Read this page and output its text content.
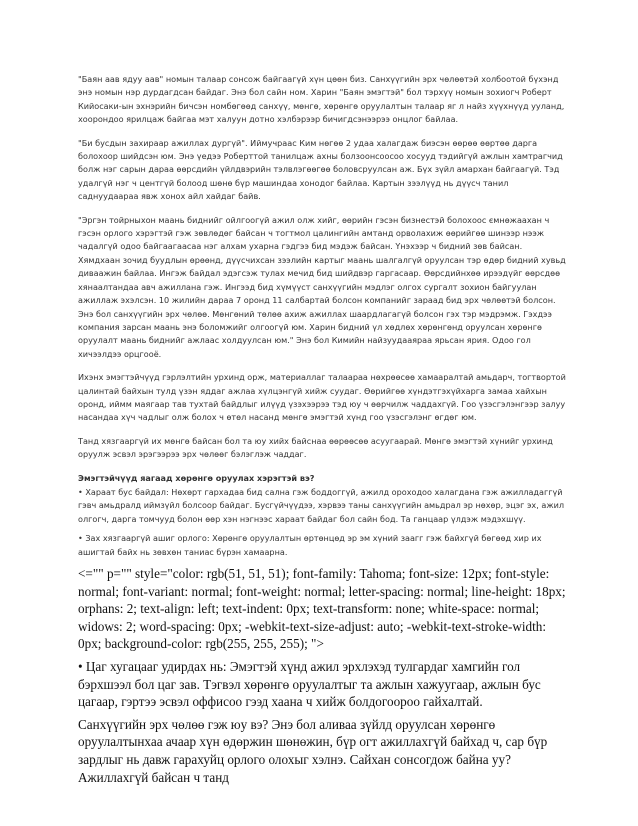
"Баян аав ядуу аав" номын талаар сонсож байгаагүй хүн цөөн биз. Санхүүгийн эрх чөлөөтэй холбоотой бүхэнд энэ номын нэр дурдагдсан байдаг. Энэ бол сайн ном. Харин "Баян эмэгтэй" бол тэрхүү номын зохиогч Роберт Кийосаки-ын эхнэрийн бичсэн номбөгөөд санхүү, мөнгө, хөрөнгө оруулалтын талаар яг л найз хүүхнүүд ууланд, хоорондоо ярилцаж байгаа мэт халуун дотно хэлбэрээр бичигдсэнээрээ онцлог байлаа.

"Би бусдын захираар ажиллах дургүй". Иймучраас Ким нөгөө 2 удаа халагдаж биэсэн өөрөө өөртөө дарга болохоор шийдсэн юм. Энэ үедээ Роберттой танилцаж ахны болзоонсоосоо хосууд тэдийгүй ажлын хамтрагчид болж нэг сарын дараа өөрсдийн үйлдвэрийн тэлвлэгөөгөө боловсруулсан аж. Бүх зүйл амархан байгаагүй. Тэд удалгүй нэг ч центгүй болоод шөнө бүр машиндаа хонодог байлаа. Картын зээлүүд нь дүүсч танил саднуудаараа явж хонох айл хайдаг байв.

"Эргэн тойрныхон маань биднийг ойлгоогүй ажил олж хийг, өөрийн гэсэн бизнестэй болохоос ємнөжаахан ч гэсэн орлого хэрэгтэй гэж зөвлөдөг байсан ч тогтмол цалингийн амтанд орволахиж өөрийгөө шинээр нээж чадалгүй одоо байгаагаасаа нэг алхам ухарна гэдгээ бид мэдэж байсан. Үнэхээр ч бидний зөв байсан. Хямдхаан зочид буудлын өрөөнд, дүүсчихсан зээлийн картыг маань шалгалгүй оруулсан тэр өдөр бидний хувьд диваажин байлаа. Ингэж байдал эдэгсэж тулах мечид бид шийдвэр гаргасаар. Өөрсдийнхөө ирээдүйг өөрсдөө хянаалтандаа авч ажиллана гэж. Ингээд бид хүмүүст санхүүгийн мэдлэг олгох сургалт зохион байгуулан ажиллаж эхэлсэн. 10 жилийн дараа 7 оронд 11 салбартай болсон компанийг зараад бид эрх чөлөөтэй болсон. Энэ бол санхүүгийн эрх чөлөө. Мөнгөний төлөө ахиж ажиллах шаардлагагүй болсон гэх тэр мэдрэмж. Гэхдээ компания зарсан маань энэ боломжийг олгоогүй юм. Харин бидний үл хөдлөх хөрөнгөнд оруулсан хөрөнгө оруулалт маань биднийг ажлаас холдуулсан юм." Энэ бол Кимийн найзуудааяраа ярьсан ярия. Одоо гол хичээлдээ орцгооё.

Ихэнх эмэгтэйчүүд гэрлэлтийн урхинд орж, материаллаг талаараа нөхрөөсөө хамааралтай амьдарч, тогтвортой цалинтай байхын тулд үзэн яддаг ажлаа хүлцэнгүй хийж суудаг. Өөрийгөө хүндэтгэхүйхарга замаа хайхын оронд, иймм маягаар тав тухтай байдлыг илүүд үзэхээрээ тэд юу ч өөрчилж чаддахгүй. Гоо үзэсгэлэнгээр залуу насандаа хүч чадлыг олж болох ч өтөл насанд мөнгө эмэгтэй хүнд гоо үзэсгэлэнг өгдөг юм.

Танд хязгааргүй их мөнгө байсан бол та юу хийх байснаа өөрөөсөө асуугаарай. Мөнгө эмэгтэй хүнийг урхинд оруулж эсвэл эрэгээрээ эрх чөлөөг бэлэглэж чаддаг.

Эмэгтэйчүүд яагаад хөрөнгө оруулах хэрэгтэй вэ?

• Хараат бус байдал: Нөхөрт гархадаа бид сална гэж боддоггүй, ажилд ороходоо халагдана гэж ажилладаггүй гэвч амьдралд иймзүйл болсоор байдаг. Бусгүйчүүдээ, хэрвээ таны санхүүгийн амьдрал эр нөхөр, эцэг эх, ажил олгогч, дарга томчууд болон өөр хэн нэгнээс хараат байдаг бол сайн бод. Та ганцаар үлдэж мэдэхшүү.

• Зах хязгааргүй ашиг орлого: Хөрөнгө оруулалтын өртөнцөд эр эм хүний заагг гэж байхгүй бөгөөд хир их ашигтай байх нь зөвхөн таниас бүрэн хамаарна.

<="" p="" style="color: rgb(51, 51, 51); font-family: Tahoma; font-size: 12px; font-style: normal; font-variant: normal; font-weight: normal; letter-spacing: normal; line-height: 18px; orphans: 2; text-align: left; text-indent: 0px; text-transform: none; white-space: normal; widows: 2; word-spacing: 0px; -webkit-text-size-adjust: auto; -webkit-text-stroke-width: 0px; background-color: rgb(255, 255, 255); ">

• Цаг хугацааг удирдах нь: Эмэгтэй хүнд ажил эрхлэхэд тулгардаг хамгийн гол бэрхшээл бол цаг зав. Тэгвэл хөрөнгө оруулалтыг та ажлын хажуугаар, ажлын бус цагаар, гэртээ эсвэл оффисоо гээд хаана ч хийж болдогоороо гайхалтай.

Санхүүгийн эрх чөлөө гэж юу вэ? Энэ бол аливаа зүйлд оруулсан хөрөнгө оруулалтынхаа ачаар хүн өдөржин шөнөжин, бүр огт ажиллахгүй байхад ч, сар бүр зардлыг нь давж гарахуйц орлого олохыг хэлнэ. Сайхан сонсогдож байна уу? Ажиллахгүй байсан ч танд
